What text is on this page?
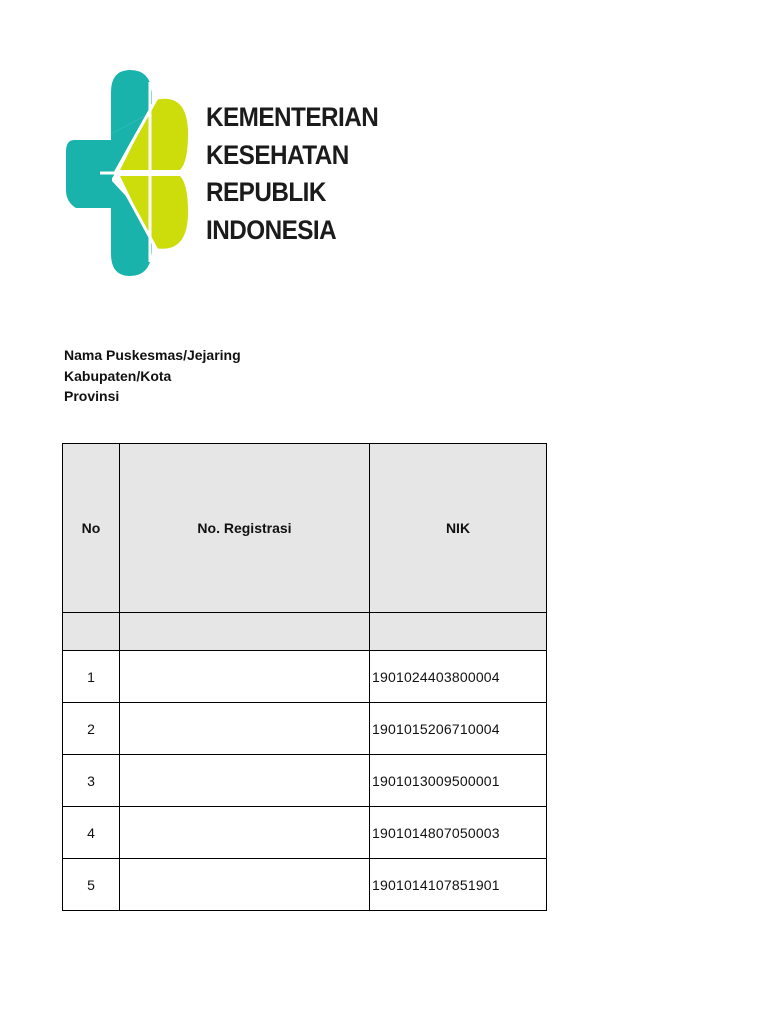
KEMENTERIAN
KESEHATAN
REPUBLIK
INDONESIA
Nama Puskesmas/Jejaring
Kabupaten/Kota
Provinsi
No	No. Registrasi	NIK

1		1901024403800004
2		1901015206710004
3		1901013009500001
4		1901014807050003
5		1901014107851901
